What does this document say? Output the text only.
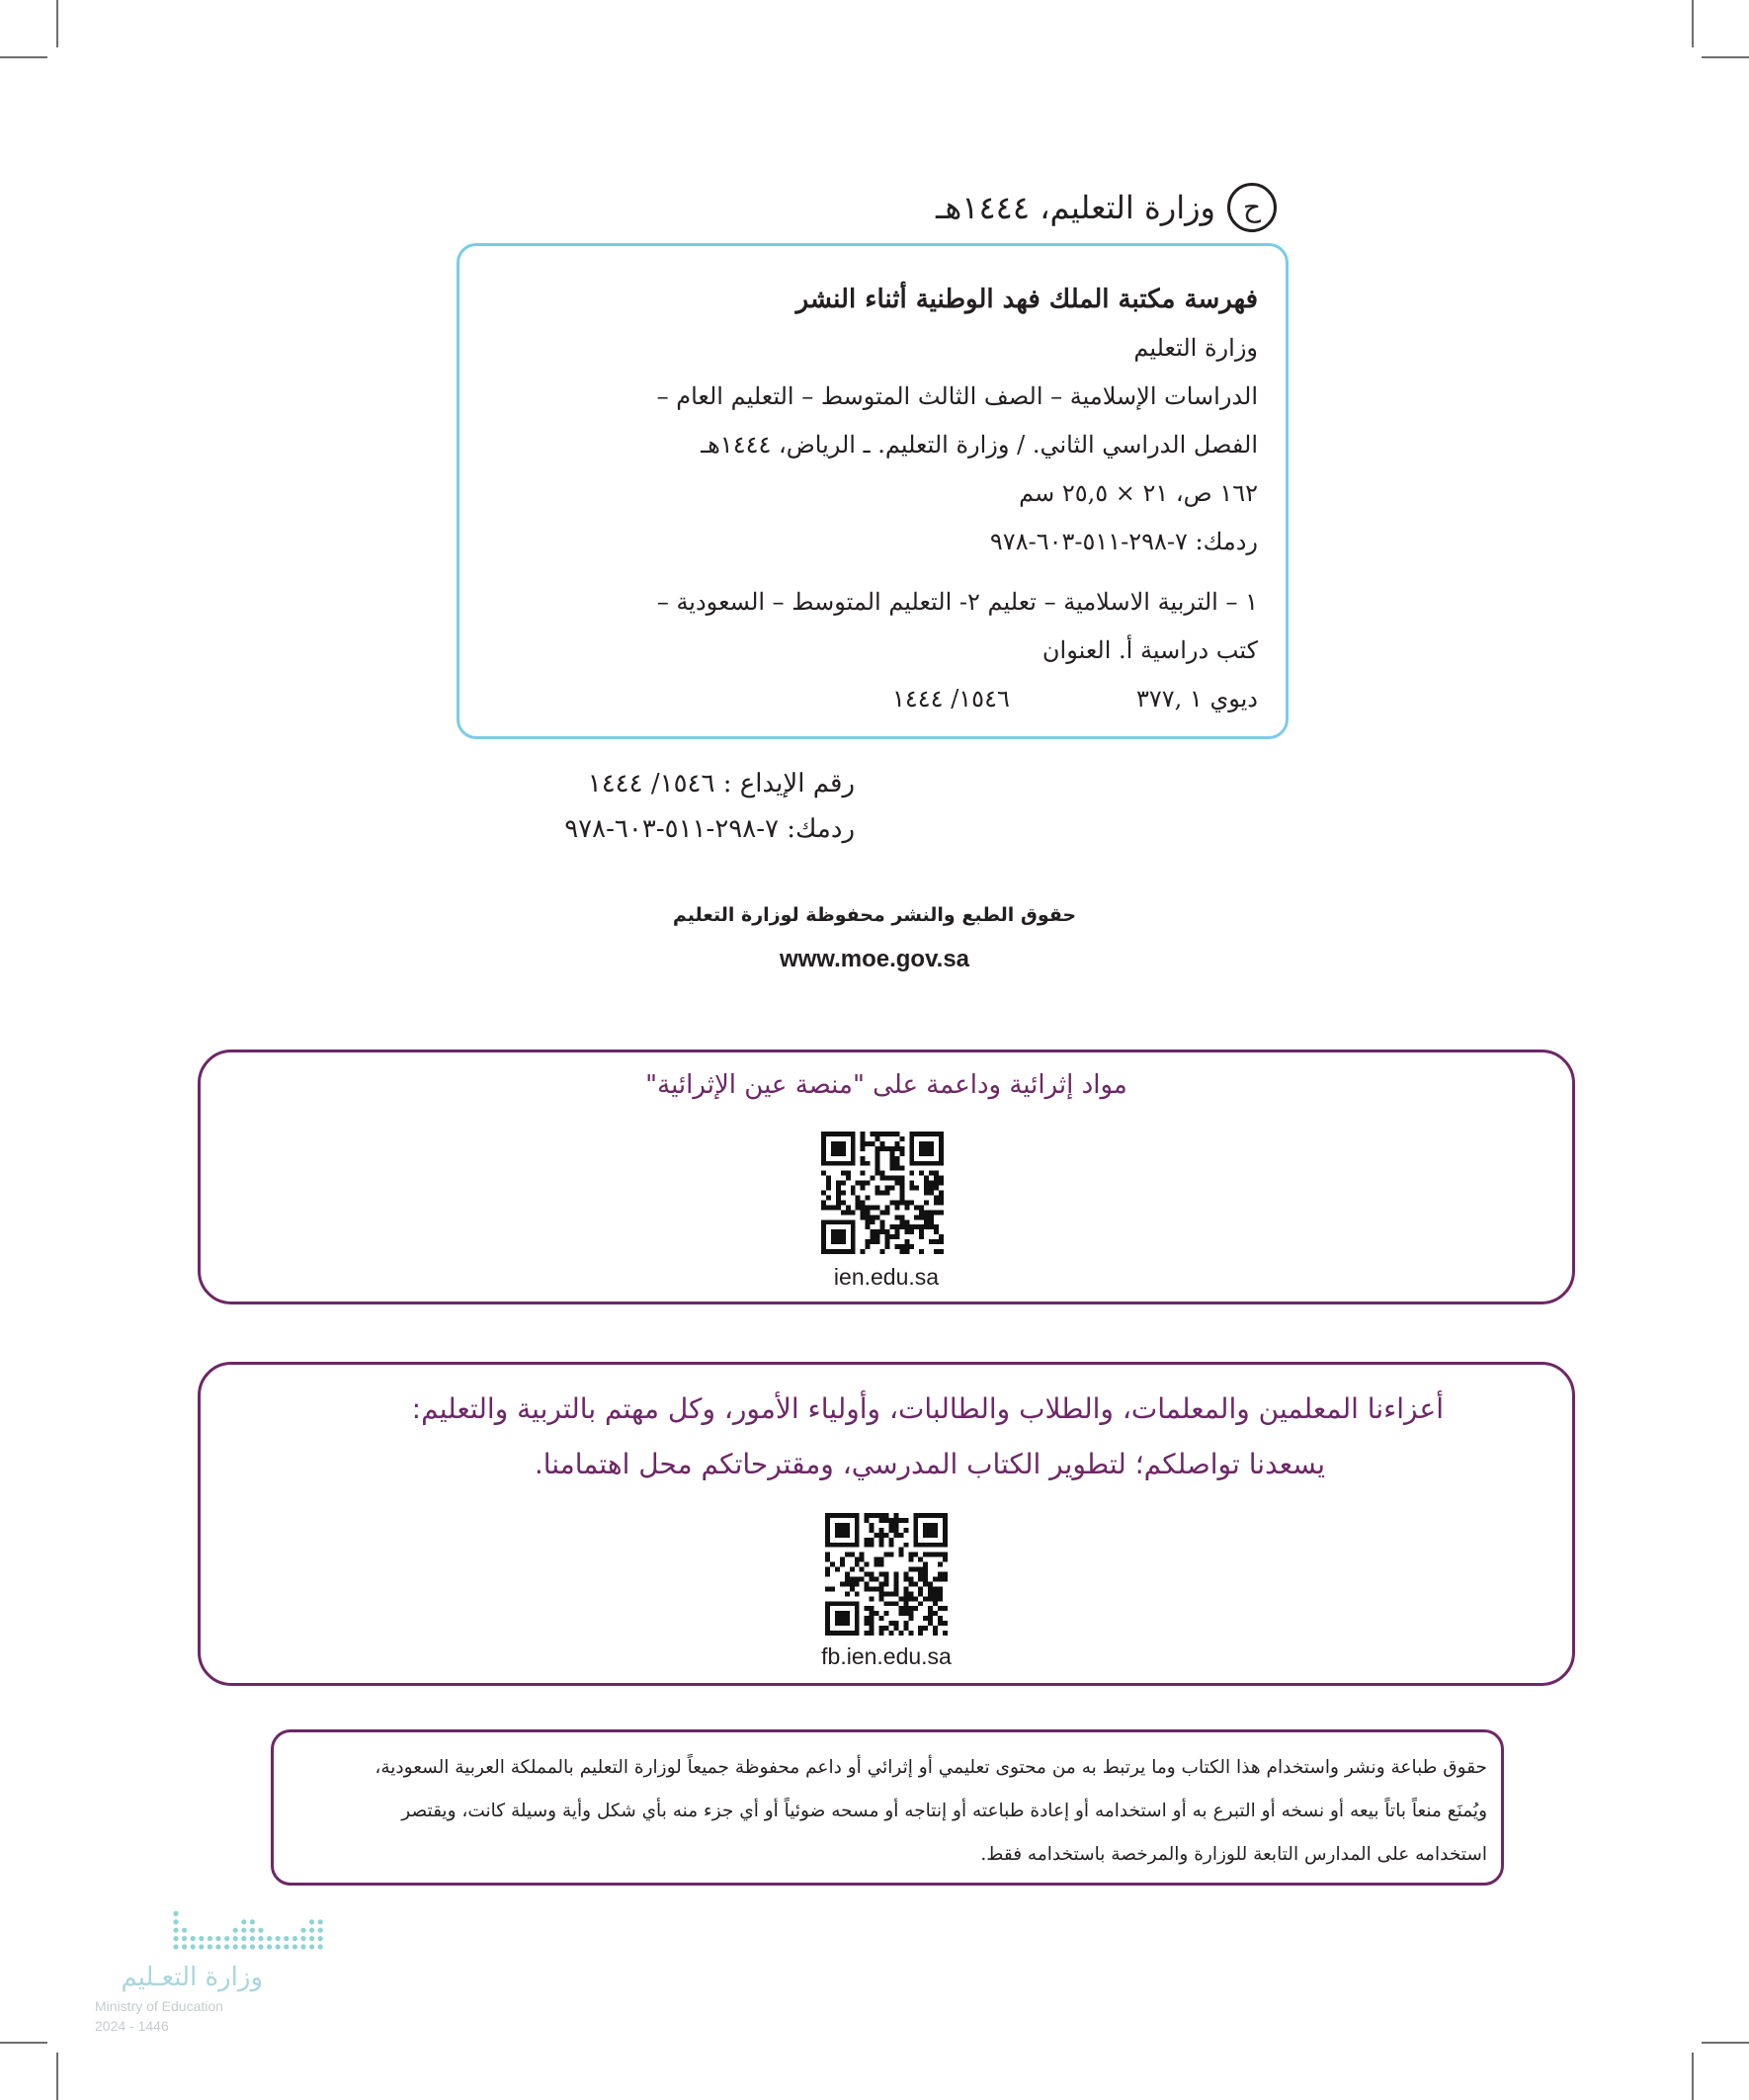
ح
وزارة التعليم، ١٤٤٤هـ
فهرسة مكتبة الملك فهد الوطنية أثناء النشر
وزارة التعليم
الدراسات الإسلامية – الصف الثالث المتوسط – التعليم العام –
الفصل الدراسي الثاني. / وزارة التعليم. ـ الرياض، ١٤٤٤هـ
١٦٢ ص، ٢١ × ٢٥,٥ سم
ردمك: ٧-٢٩٨-٥١١-٦٠٣-٩٧٨
١ – التربية الاسلامية – تعليم ٢- التعليم المتوسط – السعودية –
كتب دراسية أ. العنوان
ديوي ١ ,٣٧٧
١٥٤٦/ ١٤٤٤
رقم الإيداع : ١٥٤٦/ ١٤٤٤
ردمك: ٧-٢٩٨-٥١١-٦٠٣-٩٧٨
حقوق الطبع والنشر محفوظة لوزارة التعليم
www.moe.gov.sa
مواد إثرائية وداعمة على "منصة عين الإثرائية"
ien.edu.sa
أعزاءنا المعلمين والمعلمات، والطلاب والطالبات، وأولياء الأمور، وكل مهتم بالتربية والتعليم:
يسعدنا تواصلكم؛ لتطوير الكتاب المدرسي، ومقترحاتكم محل اهتمامنا.
fb.ien.edu.sa
حقوق طباعة ونشر واستخدام هذا الكتاب وما يرتبط به من محتوى تعليمي أو إثرائي أو داعم محفوظة جميعاً لوزارة التعليم بالمملكة العربية السعودية،
ويُمنَع منعاً باتاً بيعه أو نسخه أو التبرع به أو استخدامه أو إعادة طباعته أو إنتاجه أو مسحه ضوئياً أو أي جزء منه بأي شكل وأية وسيلة كانت، ويقتصر
استخدامه على المدارس التابعة للوزارة والمرخصة باستخدامه فقط.
وزارة التعـليم
Ministry of Education
2024 - 1446
